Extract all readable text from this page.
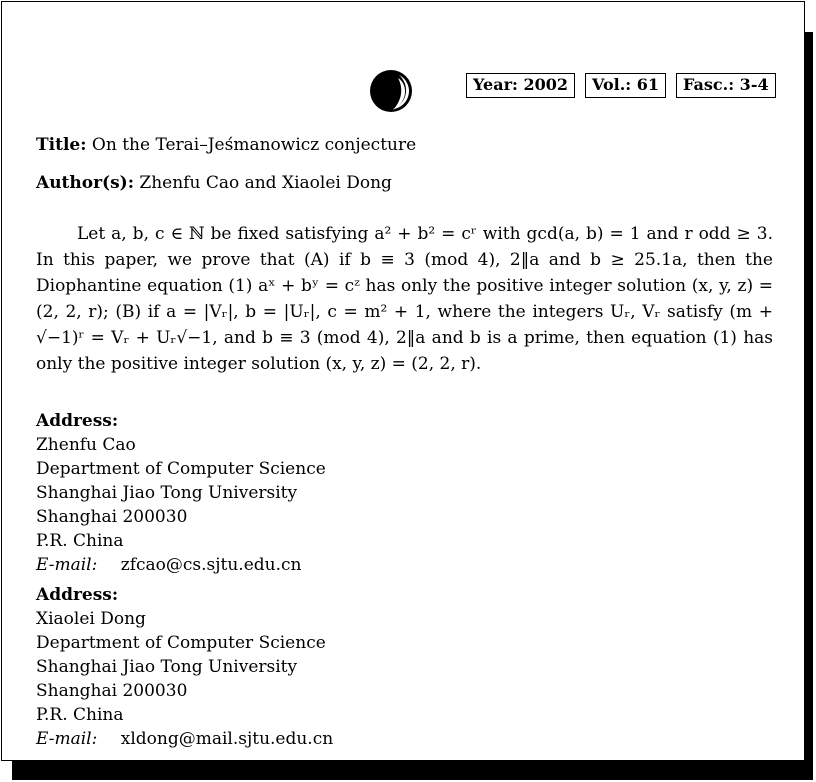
Year: 2002	Vol.: 61	Fasc.: 3-4
Title: On the Terai–Jeśmanowicz conjecture
Author(s): Zhenfu Cao and Xiaolei Dong
Let a, b, c ∈ ℕ be fixed satisfying a² + b² = cʳ with gcd(a, b) = 1 and r odd ≥ 3. In this paper, we prove that (A) if b ≡ 3 (mod 4), 2‖a and b ≥ 25.1a, then the Diophantine equation (1) aˣ + bʸ = cᶻ has only the positive integer solution (x, y, z) = (2, 2, r); (B) if a = |Vᵣ|, b = |Uᵣ|, c = m² + 1, where the integers Uᵣ, Vᵣ satisfy (m + √−1)ʳ = Vᵣ + Uᵣ√−1, and b ≡ 3 (mod 4), 2‖a and b is a prime, then equation (1) has only the positive integer solution (x, y, z) = (2, 2, r).
Address:
Zhenfu Cao
Department of Computer Science
Shanghai Jiao Tong University
Shanghai 200030
P.R. China
E-mail: zfcao@cs.sjtu.edu.cn
Address:
Xiaolei Dong
Department of Computer Science
Shanghai Jiao Tong University
Shanghai 200030
P.R. China
E-mail: xldong@mail.sjtu.edu.cn
